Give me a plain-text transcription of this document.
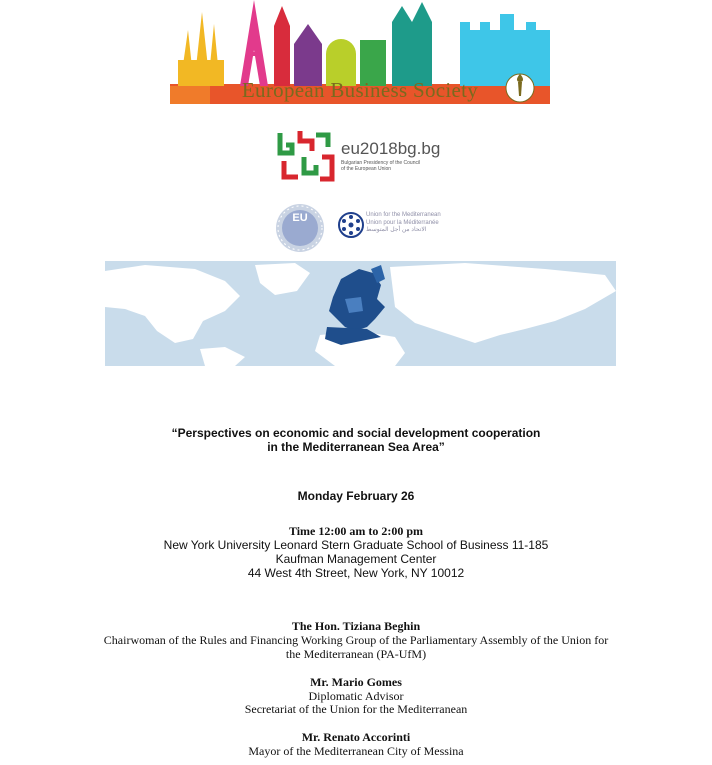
European Business Society
eu2018bg.bg
Bulgarian Presidency of the Council
of the European Union
EU	Union for the Mediterranean
Union pour la Méditerranée
الاتحاد من أجل المتوسط
“Perspectives on economic and social development cooperation
in the Mediterranean Sea Area”
Monday February 26
Time 12:00 am to 2:00 pm
New York University Leonard Stern Graduate School of Business 11-185
Kaufman Management Center
44 West 4th Street, New York, NY 10012
The Hon. Tiziana Beghin
Chairwoman of the Rules and Financing Working Group of the Parliamentary Assembly of the Union for
the Mediterranean (PA-UfM)
Mr. Mario Gomes
Diplomatic Advisor
Secretariat of the Union for the Mediterranean
Mr. Renato Accorinti
Mayor of the Mediterranean City of Messina
